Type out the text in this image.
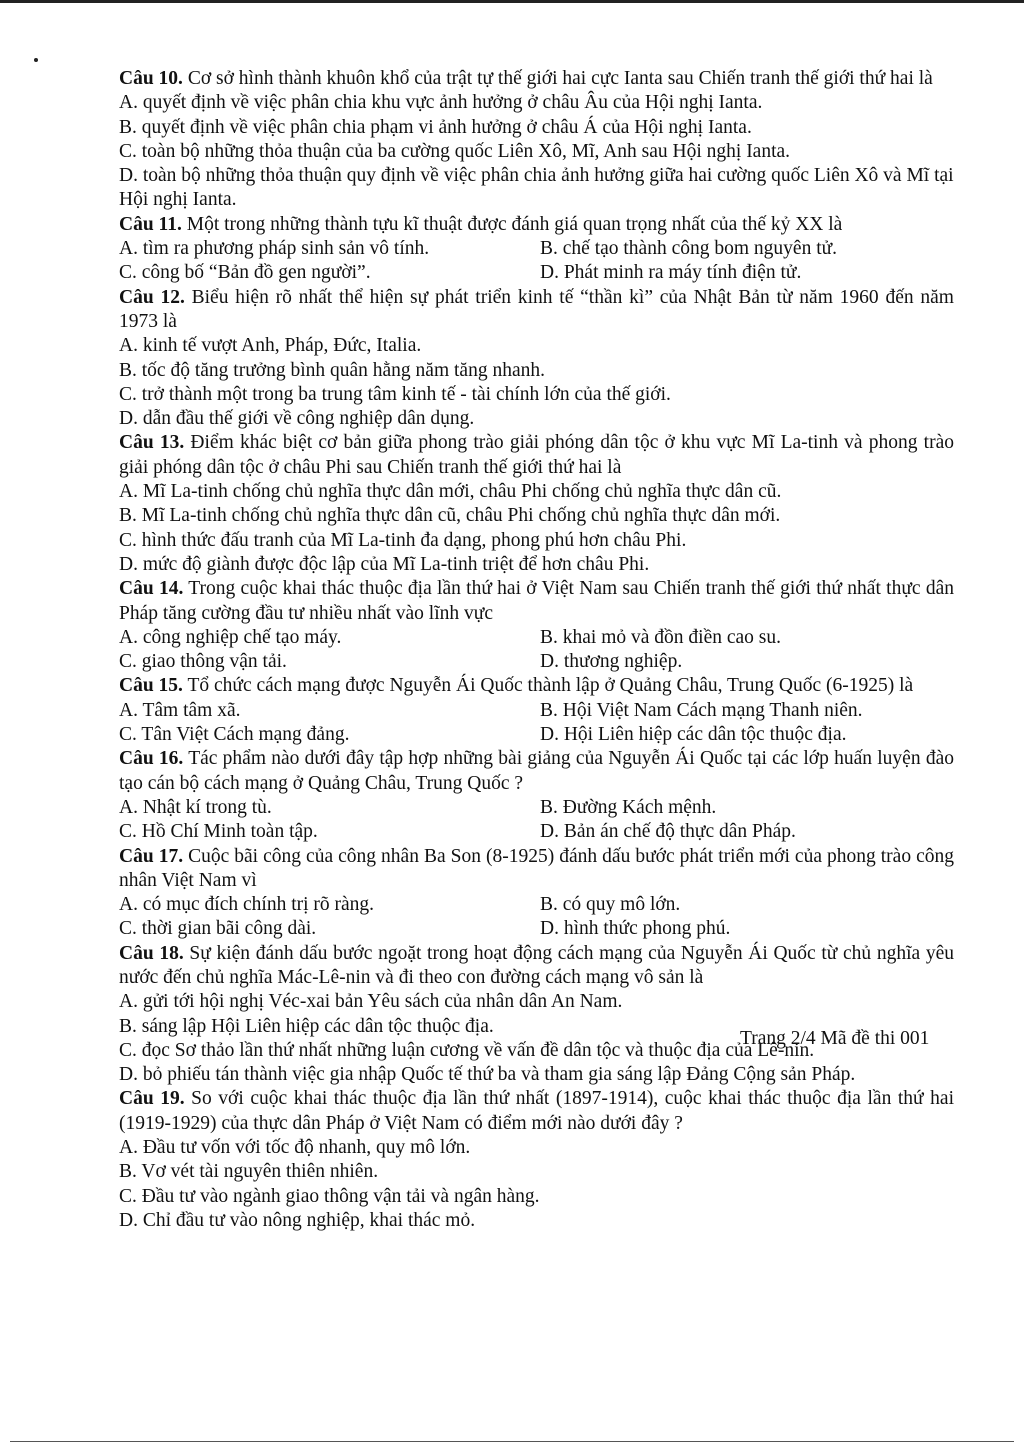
Câu 10. Cơ sở hình thành khuôn khổ của trật tự thế giới hai cực Ianta sau Chiến tranh thế giới thứ hai là

A. quyết định về việc phân chia khu vực ảnh hưởng ở châu Âu của Hội nghị Ianta.
B. quyết định về việc phân chia phạm vi ảnh hưởng ở châu Á của Hội nghị Ianta.
C. toàn bộ những thỏa thuận của ba cường quốc Liên Xô, Mĩ, Anh sau Hội nghị Ianta.
D. toàn bộ những thỏa thuận quy định về việc phân chia ảnh hưởng giữa hai cường quốc Liên Xô và Mĩ tại Hội nghị Ianta.

Câu 11. Một trong những thành tựu kĩ thuật được đánh giá quan trọng nhất của thế kỷ XX là

A. tìm ra phương pháp sinh sản vô tính.	B. chế tạo thành công bom nguyên tử.
C. công bố “Bản đồ gen người”.	D. Phát minh ra máy tính điện tử.

Câu 12. Biểu hiện rõ nhất thể hiện sự phát triển kinh tế “thần kì” của Nhật Bản từ năm 1960 đến năm 1973 là

A. kinh tế vượt Anh, Pháp, Đức, Italia.
B. tốc độ tăng trưởng bình quân hằng năm tăng nhanh.
C. trở thành một trong ba trung tâm kinh tế - tài chính lớn của thế giới.
D. dẫn đầu thế giới về công nghiệp dân dụng.

Câu 13. Điểm khác biệt cơ bản giữa phong trào giải phóng dân tộc ở khu vực Mĩ La-tinh và phong trào giải phóng dân tộc ở châu Phi sau Chiến tranh thế giới thứ hai là

A. Mĩ La-tinh chống chủ nghĩa thực dân mới, châu Phi chống chủ nghĩa thực dân cũ.
B. Mĩ La-tinh chống chủ nghĩa thực dân cũ, châu Phi chống chủ nghĩa thực dân mới.
C. hình thức đấu tranh của Mĩ La-tinh đa dạng, phong phú hơn châu Phi.
D. mức độ giành được độc lập của Mĩ La-tinh triệt để hơn châu Phi.

Câu 14. Trong cuộc khai thác thuộc địa lần thứ hai ở Việt Nam sau Chiến tranh thế giới thứ nhất thực dân Pháp tăng cường đầu tư nhiều nhất vào lĩnh vực

A. công nghiệp chế tạo máy.	B. khai mỏ và đồn điền cao su.
C. giao thông vận tải.	D. thương nghiệp.

Câu 15. Tổ chức cách mạng được Nguyễn Ái Quốc thành lập ở Quảng Châu, Trung Quốc (6-1925) là

A. Tâm tâm xã.	B. Hội Việt Nam Cách mạng Thanh niên.
C. Tân Việt Cách mạng đảng.	D. Hội Liên hiệp các dân tộc thuộc địa.

Câu 16. Tác phẩm nào dưới đây tập hợp những bài giảng của Nguyễn Ái Quốc tại các lớp huấn luyện đào tạo cán bộ cách mạng ở Quảng Châu, Trung Quốc ?

A. Nhật kí trong tù.	B. Đường Kách mệnh.
C. Hồ Chí Minh toàn tập.	D. Bản án chế độ thực dân Pháp.

Câu 17. Cuộc bãi công của công nhân Ba Son (8-1925) đánh dấu bước phát triển mới của phong trào công nhân Việt Nam vì

A. có mục đích chính trị rõ ràng.	B. có quy mô lớn.
C. thời gian bãi công dài.	D. hình thức phong phú.

Câu 18. Sự kiện đánh dấu bước ngoặt trong hoạt động cách mạng của Nguyễn Ái Quốc từ chủ nghĩa yêu nước đến chủ nghĩa Mác-Lê-nin và đi theo con đường cách mạng vô sản là

A. gửi tới hội nghị Véc-xai bản Yêu sách của nhân dân An Nam.
B. sáng lập Hội Liên hiệp các dân tộc thuộc địa.
C. đọc Sơ thảo lần thứ nhất những luận cương về vấn đề dân tộc và thuộc địa của Lê-nin.
D. bỏ phiếu tán thành việc gia nhập Quốc tế thứ ba và tham gia sáng lập Đảng Cộng sản Pháp.

Câu 19. So với cuộc khai thác thuộc địa lần thứ nhất (1897-1914), cuộc khai thác thuộc địa lần thứ hai (1919-1929) của thực dân Pháp ở Việt Nam có điểm mới nào dưới đây ?

A. Đầu tư vốn với tốc độ nhanh, quy mô lớn.
B. Vơ vét tài nguyên thiên nhiên.
C. Đầu tư vào ngành giao thông vận tải và ngân hàng.
D. Chỉ đầu tư vào nông nghiệp, khai thác mỏ.
Trang 2/4 Mã đề thi 001
